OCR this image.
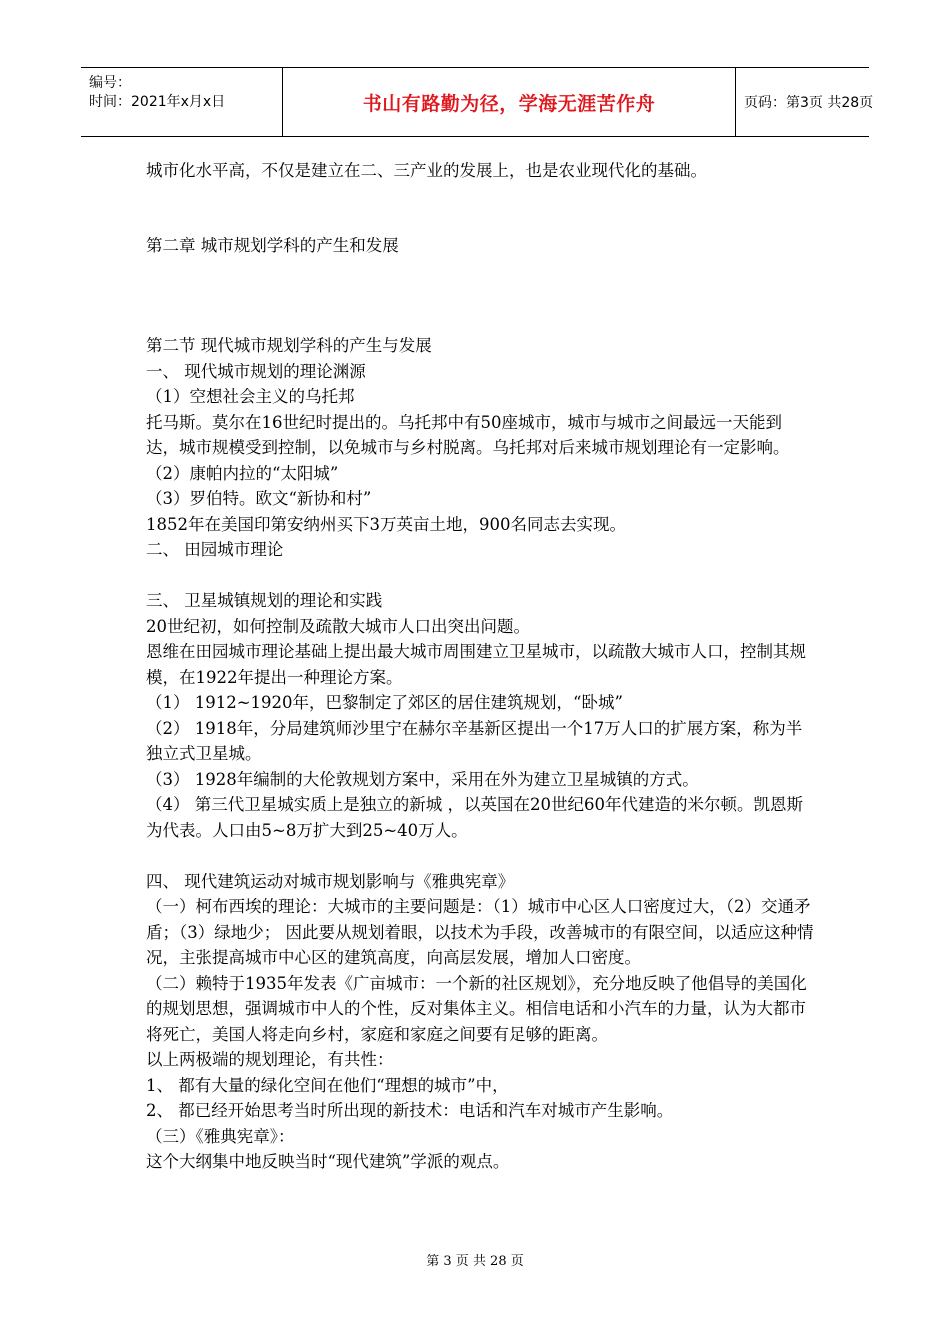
编号：
时间：2021年x月x日	书山有路勤为径，学海无涯苦作舟	页码：第3页 共28页

城市化水平高，不仅是建立在二、三产业的发展上，也是农业现代化的基础。

第二章 城市规划学科的产生和发展

第二节 现代城市规划学科的产生与发展

一、 现代城市规划的理论渊源

（1）空想社会主义的乌托邦

托马斯。莫尔在16世纪时提出的。乌托邦中有50座城市，城市与城市之间最远一天能到达，城市规模受到控制，以免城市与乡村脱离。乌托邦对后来城市规划理论有一定影响。

（2）康帕内拉的“太阳城”

（3）罗伯特。欧文“新协和村”

1852年在美国印第安纳州买下3万英亩土地，900名同志去实现。

二、 田园城市理论

三、 卫星城镇规划的理论和实践

20世纪初，如何控制及疏散大城市人口出突出问题。

恩维在田园城市理论基础上提出最大城市周围建立卫星城市，以疏散大城市人口，控制其规模，在1922年提出一种理论方案。

（1） 1912~1920年，巴黎制定了郊区的居住建筑规划，“卧城”

（2） 1918年，分局建筑师沙里宁在赫尔辛基新区提出一个17万人口的扩展方案，称为半独立式卫星城。

（3） 1928年编制的大伦敦规划方案中，采用在外为建立卫星城镇的方式。

（4） 第三代卫星城实质上是独立的新城 ，以英国在20世纪60年代建造的米尔顿。凯恩斯为代表。人口由5~8万扩大到25~40万人。

四、 现代建筑运动对城市规划影响与《雅典宪章》

（一）柯布西埃的理论：大城市的主要问题是：（1）城市中心区人口密度过大，（2）交通矛盾；（3）绿地少； 因此要从规划着眼，以技术为手段，改善城市的有限空间，以适应这种情况，主张提高城市中心区的建筑高度，向高层发展，增加人口密度。

（二）赖特于1935年发表《广亩城市：一个新的社区规划》，充分地反映了他倡导的美国化的规划思想，强调城市中人的个性，反对集体主义。相信电话和小汽车的力量，认为大都市将死亡，美国人将走向乡村，家庭和家庭之间要有足够的距离。

以上两极端的规划理论，有共性：

1、 都有大量的绿化空间在他们“理想的城市”中，

2、 都已经开始思考当时所出现的新技术：电话和汽车对城市产生影响。

（三）《雅典宪章》：

这个大纲集中地反映当时“现代建筑”学派的观点。

第 3 页 共 28 页
